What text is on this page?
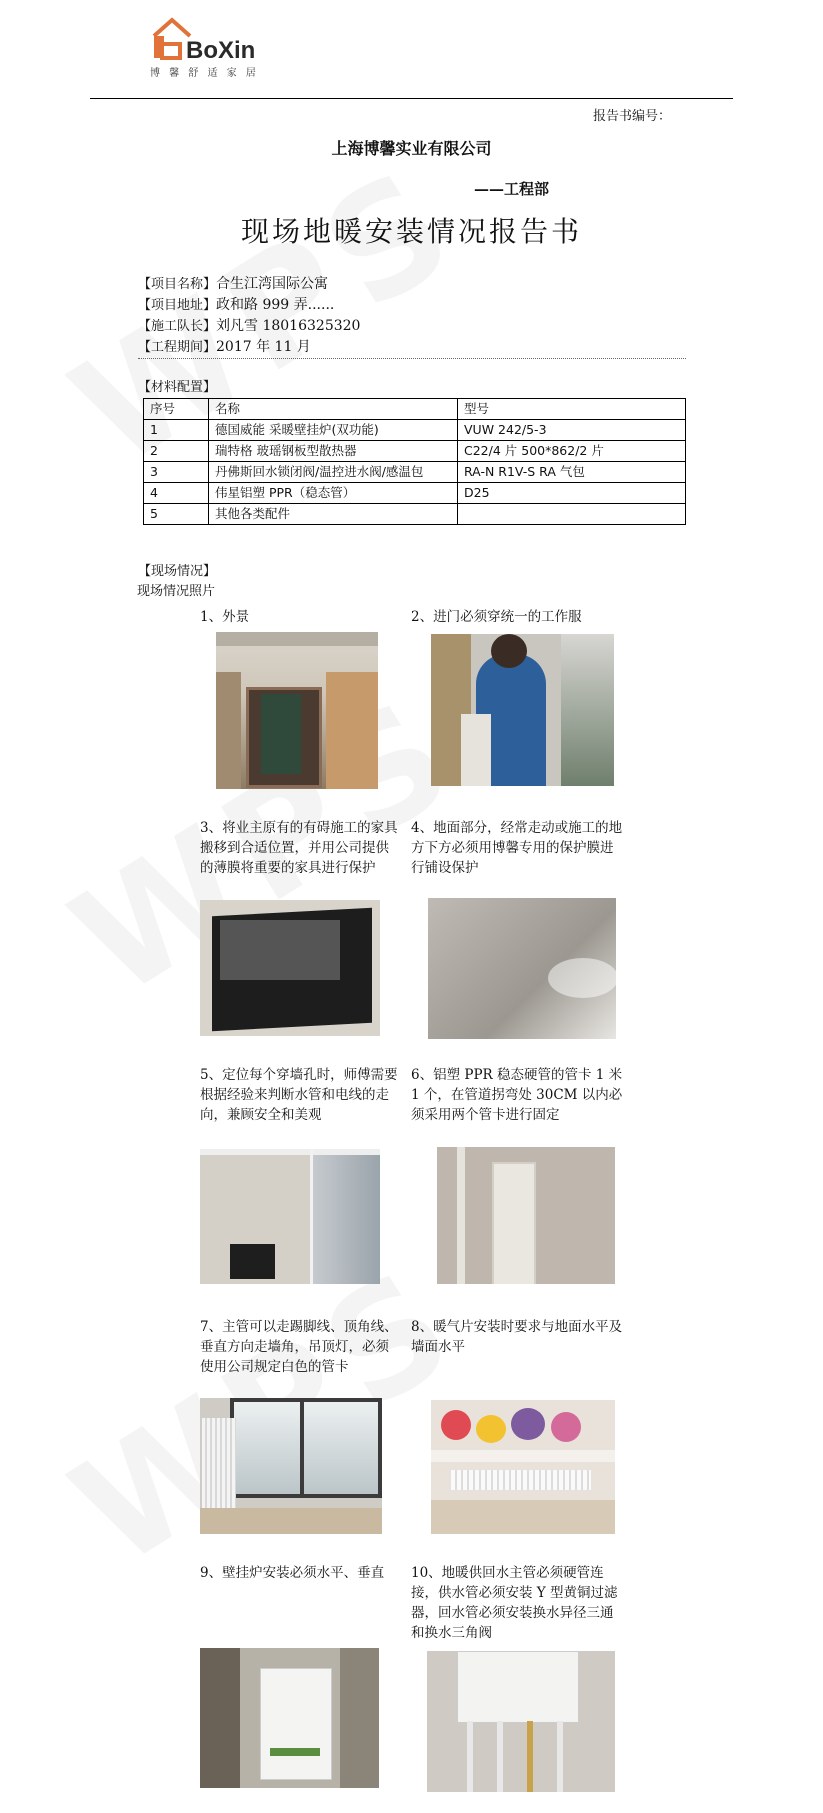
BoXin
博 馨 舒 适 家 居
报告书编号：
上海博馨实业有限公司
——工程部
现场地暖安装情况报告书
【项目名称】合生江湾国际公寓
【项目地址】政和路 999 弄......
【施工队长】刘凡雪 18016325320
【工程期间】2017 年 11 月
【材料配置】
序号	名称	型号
1	德国威能 采暖壁挂炉(双功能)	VUW 242/5-3
2	瑞特格 玻瑶钢板型散热器	C22/4 片 500*862/2 片
3	丹佛斯回水锁闭阀/温控进水阀/感温包	RA-N R1V-S RA 气包
4	伟星铝塑 PPR（稳态管）	D25
5	其他各类配件	
【现场情况】
现场情况照片
1、外景	2、进门必须穿统一的工作服
3、将业主原有的有碍施工的家具搬移到合适位置，并用公司提供的薄膜将重要的家具进行保护
4、地面部分，经常走动或施工的地方下方必须用博馨专用的保护膜进行铺设保护
5、定位每个穿墙孔时，师傅需要根据经验来判断水管和电线的走向，兼顾安全和美观
6、铝塑 PPR 稳态硬管的管卡 1 米 1 个，在管道拐弯处 30CM 以内必须采用两个管卡进行固定
7、主管可以走踢脚线、顶角线、垂直方向走墙角，吊顶灯，必须使用公司规定白色的管卡
8、暖气片安装时要求与地面水平及墙面水平
9、壁挂炉安装必须水平、垂直	10、地暖供回水主管必须硬管连接，供水管必须安装 Y 型黄铜过滤器，回水管必须安装换水异径三通和换水三角阀
